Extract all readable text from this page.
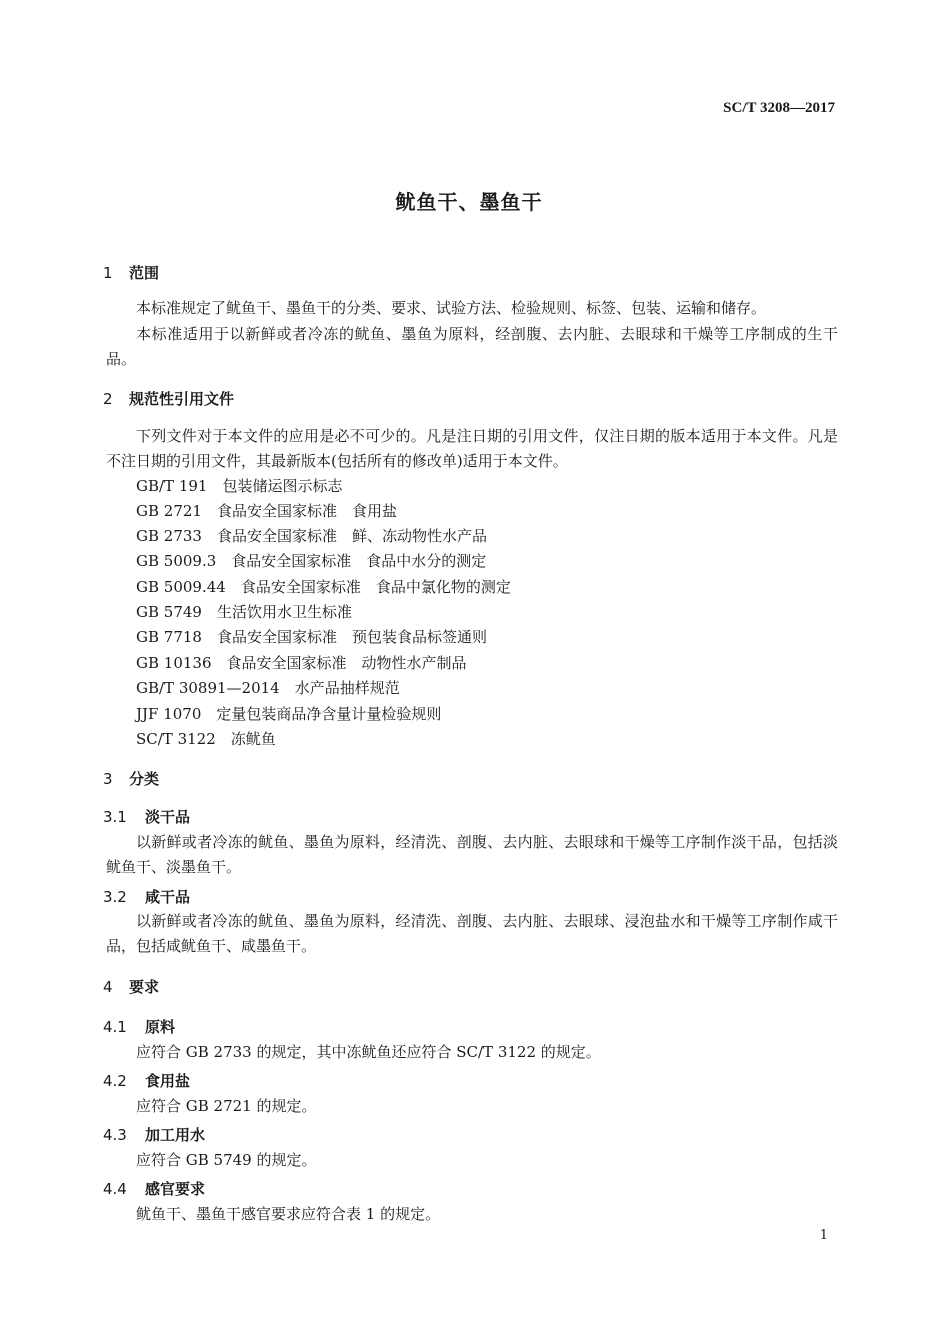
SC/T 3208—2017
鱿鱼干、墨鱼干
1 范围
本标准规定了鱿鱼干、墨鱼干的分类、要求、试验方法、检验规则、标签、包装、运输和储存。
本标准适用于以新鲜或者冷冻的鱿鱼、墨鱼为原料，经剖腹、去内脏、去眼球和干燥等工序制成的生干品。
2 规范性引用文件
下列文件对于本文件的应用是必不可少的。凡是注日期的引用文件，仅注日期的版本适用于本文件。凡是不注日期的引用文件，其最新版本(包括所有的修改单)适用于本文件。
GB/T 191　 包装储运图示标志
GB 2721　 食品安全国家标准　食用盐
GB 2733　 食品安全国家标准　鲜、冻动物性水产品
GB 5009.3　 食品安全国家标准　食品中水分的测定
GB 5009.44　 食品安全国家标准　食品中氯化物的测定
GB 5749　 生活饮用水卫生标准
GB 7718　 食品安全国家标准　预包装食品标签通则
GB 10136　 食品安全国家标准　动物性水产制品
GB/T 30891—2014　 水产品抽样规范
JJF 1070　 定量包装商品净含量计量检验规则
SC/T 3122　 冻鱿鱼
3 分类
3.1 淡干品
以新鲜或者冷冻的鱿鱼、墨鱼为原料，经清洗、剖腹、去内脏、去眼球和干燥等工序制作淡干品，包括淡鱿鱼干、淡墨鱼干。
3.2 咸干品
以新鲜或者冷冻的鱿鱼、墨鱼为原料，经清洗、剖腹、去内脏、去眼球、浸泡盐水和干燥等工序制作咸干品，包括咸鱿鱼干、咸墨鱼干。
4 要求
4.1 原料
应符合 GB 2733 的规定，其中冻鱿鱼还应符合 SC/T 3122 的规定。
4.2 食用盐
应符合 GB 2721 的规定。
4.3 加工用水
应符合 GB 5749 的规定。
4.4 感官要求
鱿鱼干、墨鱼干感官要求应符合表 1 的规定。
1
